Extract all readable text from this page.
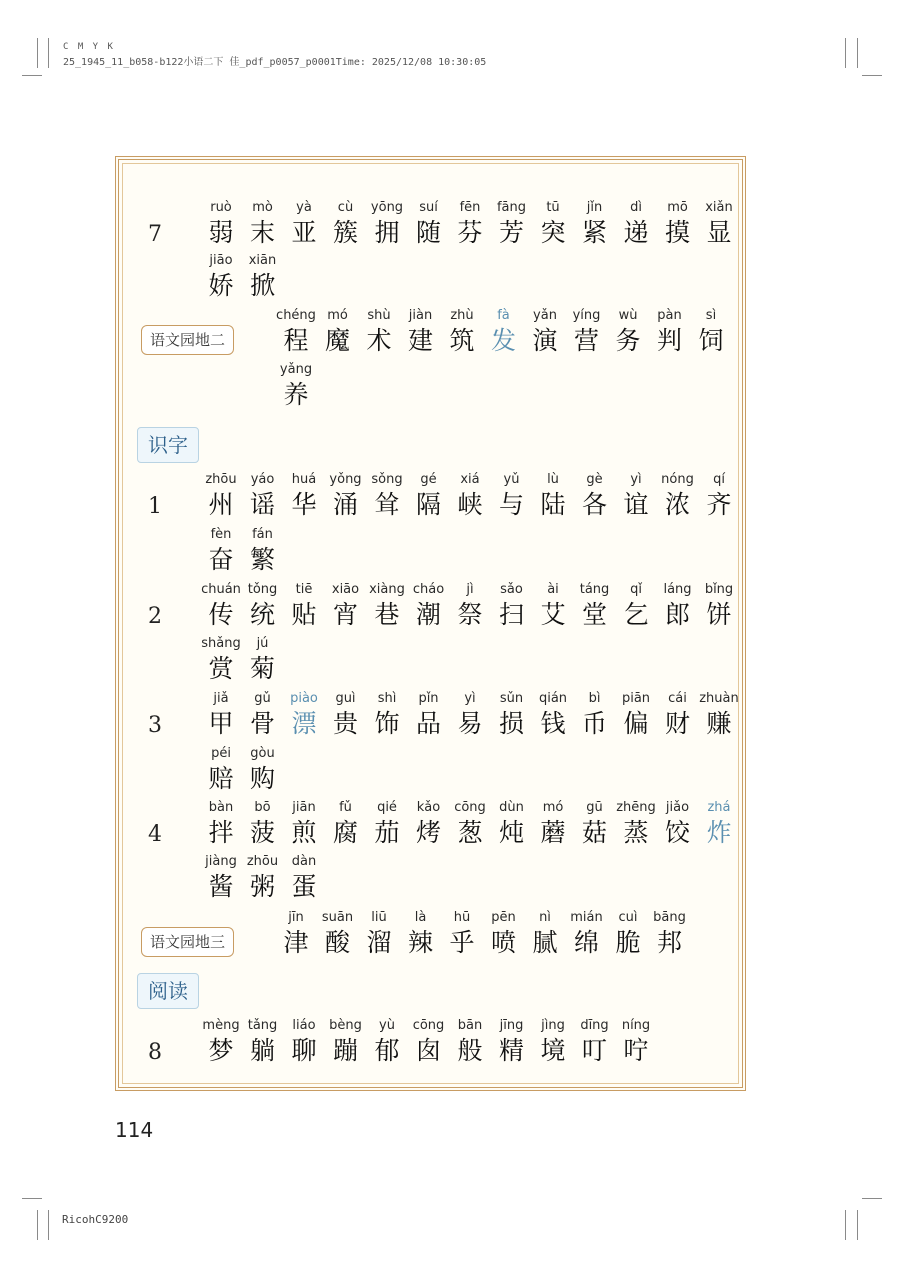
C M Y K
25_1945_11_b058-b122小语二下 佳_pdf_p0057_p0001Time: 2025/12/08 10:30:05
7
ruò
弱
mò
末
yà
亚
cù
簇
yōng
拥
suí
随
fēn
芬
fāng
芳
tū
突
jǐn
紧
dì
递
mō
摸
xiǎn
显
jiāo
娇
xiān
掀
语文园地二
chéng
程
mó
魔
shù
术
jiàn
建
zhù
筑
fà
发
yǎn
演
yíng
营
wù
务
pàn
判
sì
饲
yǎng
养
识字
1
zhōu
州
yáo
谣
huá
华
yǒng
涌
sǒng
耸
gé
隔
xiá
峡
yǔ
与
lù
陆
gè
各
yì
谊
nóng
浓
qí
齐
fèn
奋
fán
繁
2
chuán
传
tǒng
统
tiē
贴
xiāo
宵
xiàng
巷
cháo
潮
jì
祭
sǎo
扫
ài
艾
táng
堂
qǐ
乞
láng
郎
bǐng
饼
shǎng
赏
jú
菊
3
jiǎ
甲
gǔ
骨
piào
漂
guì
贵
shì
饰
pǐn
品
yì
易
sǔn
损
qián
钱
bì
币
piān
偏
cái
财
zhuàn
赚
péi
赔
gòu
购
4
bàn
拌
bō
菠
jiān
煎
fǔ
腐
qié
茄
kǎo
烤
cōng
葱
dùn
炖
mó
蘑
gū
菇
zhēng
蒸
jiǎo
饺
zhá
炸
jiàng
酱
zhōu
粥
dàn
蛋
语文园地三
jīn
津
suān
酸
liū
溜
là
辣
hū
乎
pēn
喷
nì
腻
mián
绵
cuì
脆
bāng
邦
阅读
8
mèng
梦
tǎng
躺
liáo
聊
bèng
蹦
yù
郁
cōng
囱
bān
般
jīng
精
jìng
境
dīng
叮
níng
咛
114
RicohC9200
